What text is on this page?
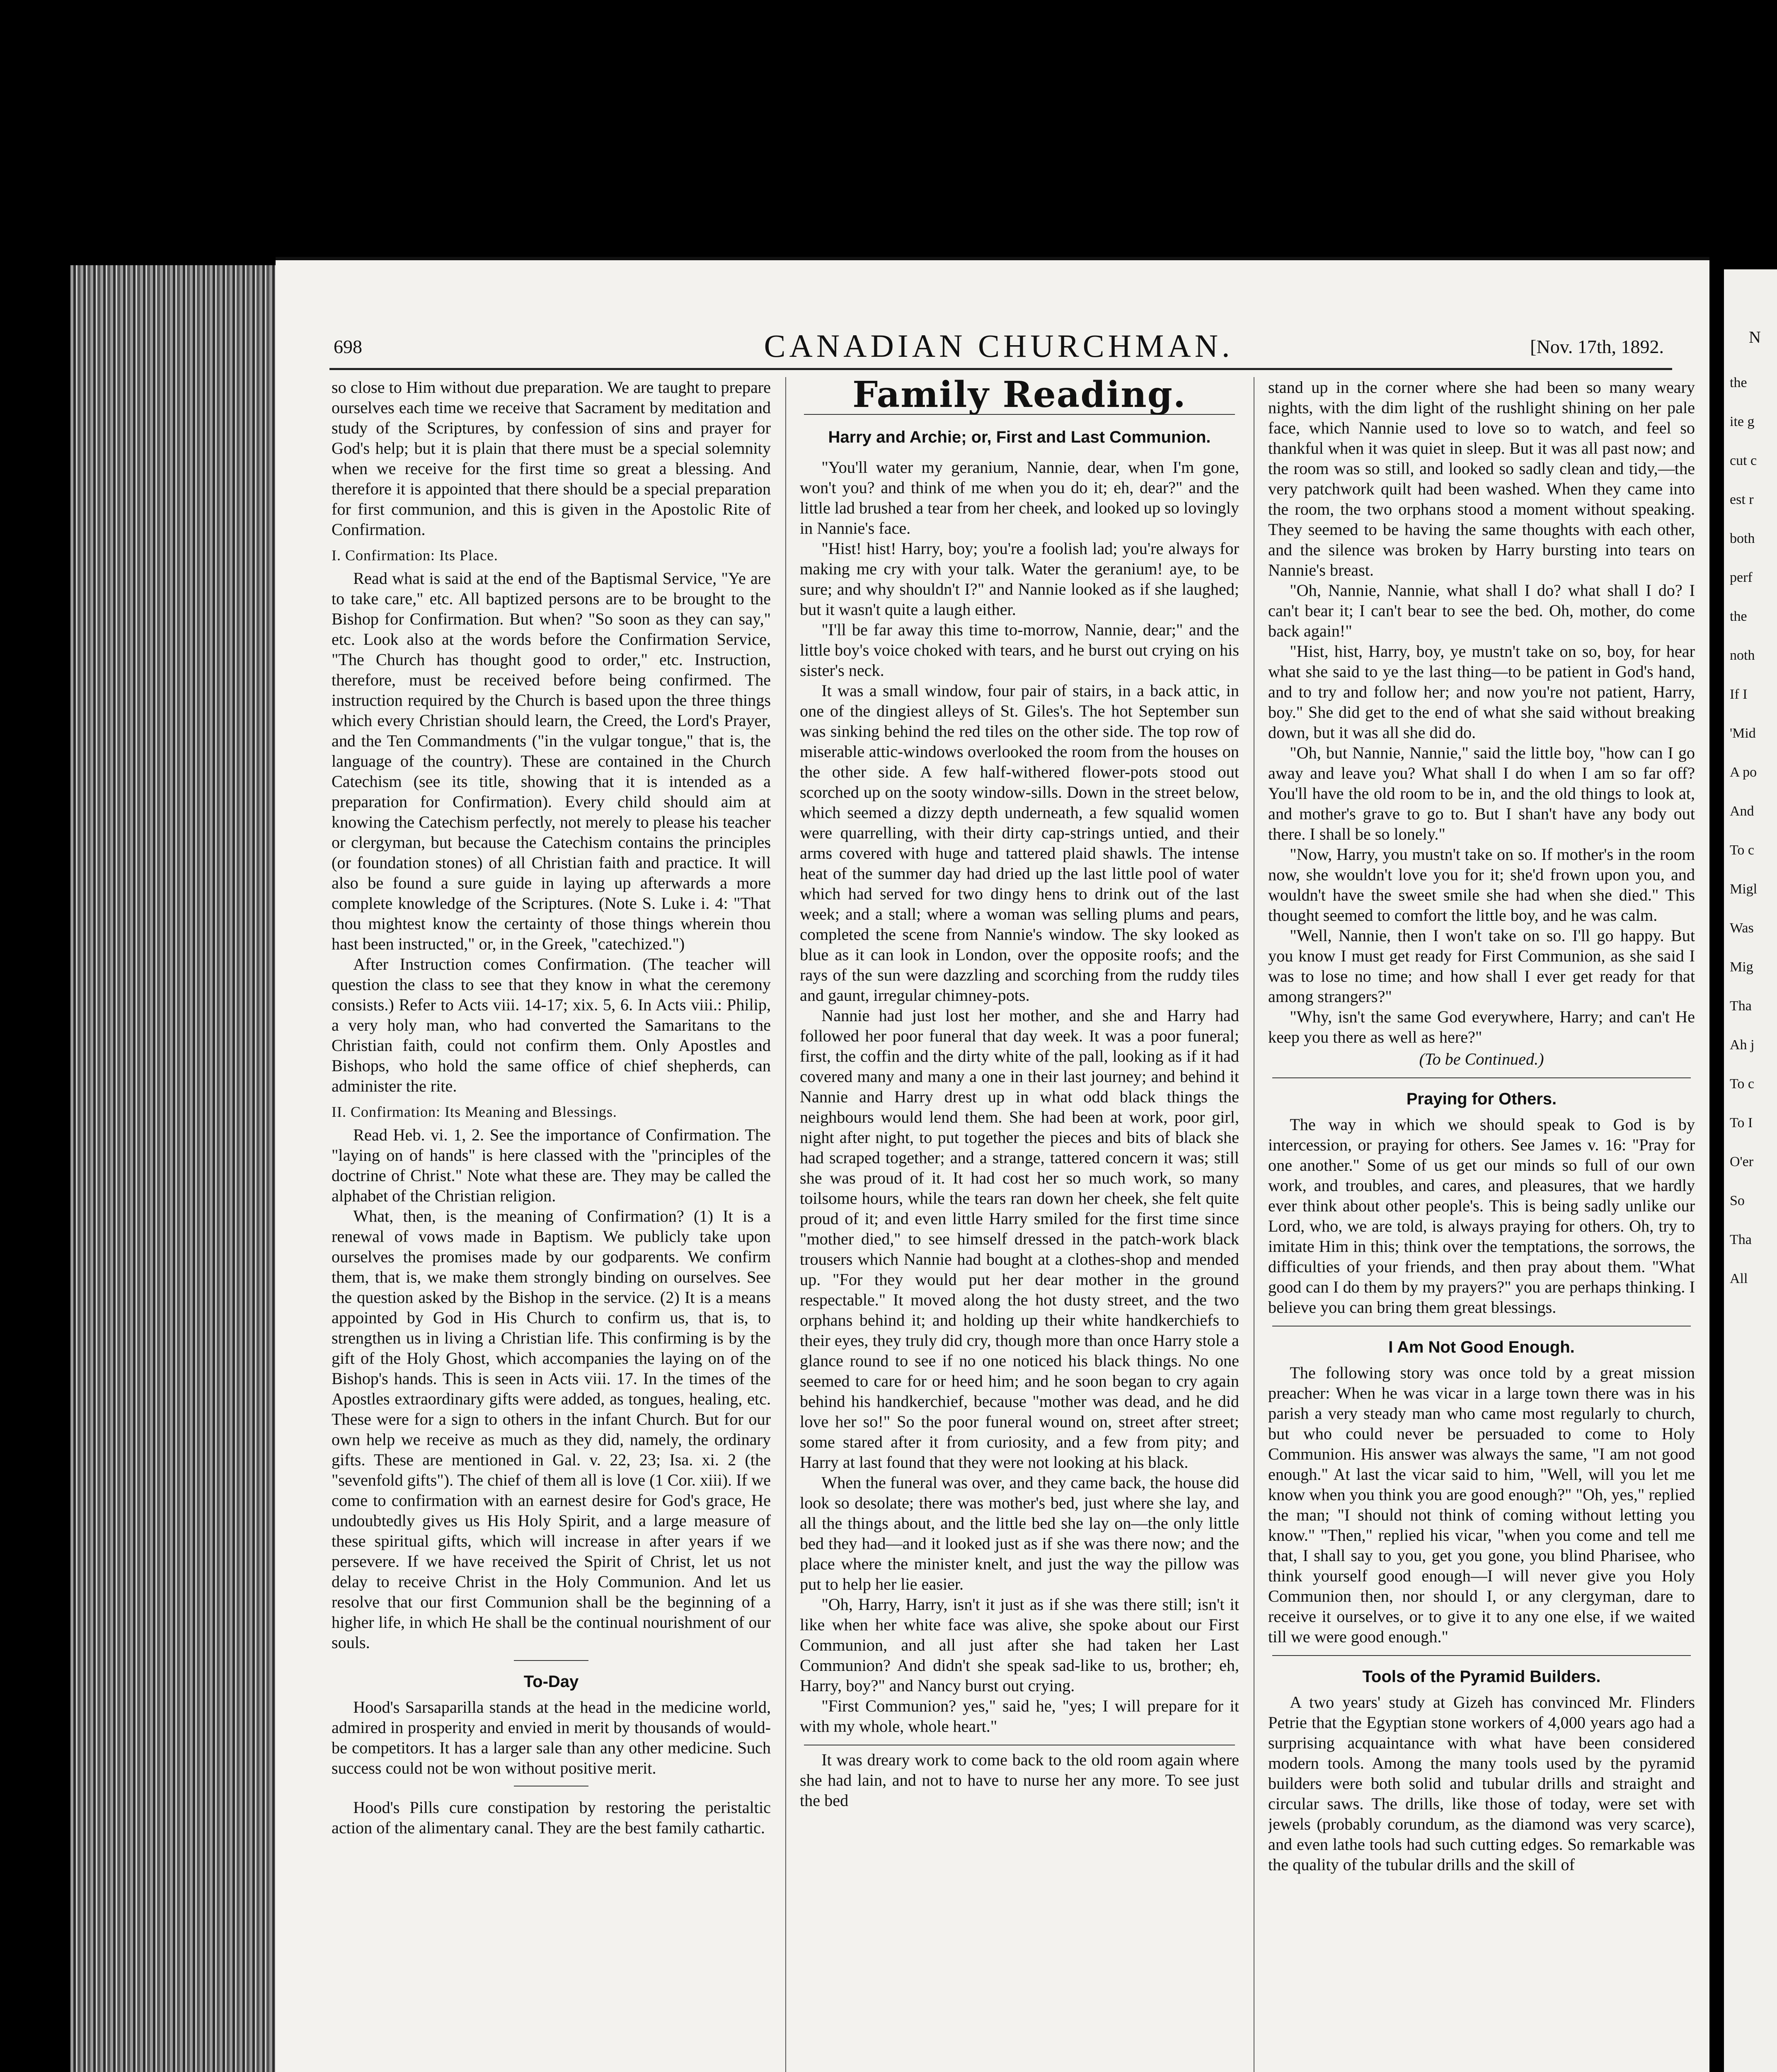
698	CANADIAN CHURCHMAN.	[Nov. 17th, 1892.

so close to Him without due preparation. We are taught to prepare ourselves each time we receive that Sacrament by meditation and study of the Scriptures, by confession of sins and prayer for God's help; but it is plain that there must be a special solemnity when we receive for the first time so great a blessing. And therefore it is appointed that there should be a special preparation for first communion, and this is given in the Apostolic Rite of Confirmation.

I. Confirmation: Its Place.

Read what is said at the end of the Baptismal Service, "Ye are to take care," etc. All baptized persons are to be brought to the Bishop for Confirmation. But when? "So soon as they can say," etc. Look also at the words before the Confirmation Service, "The Church has thought good to order," etc. Instruction, therefore, must be received before being confirmed. The instruction required by the Church is based upon the three things which every Christian should learn, the Creed, the Lord's Prayer, and the Ten Commandments ("in the vulgar tongue," that is, the language of the country). These are contained in the Church Catechism (see its title, showing that it is intended as a preparation for Confirmation). Every child should aim at knowing the Catechism perfectly, not merely to please his teacher or clergyman, but because the Catechism contains the principles (or foundation stones) of all Christian faith and practice. It will also be found a sure guide in laying up afterwards a more complete knowledge of the Scriptures. (Note S. Luke i. 4: "That thou mightest know the certainty of those things wherein thou hast been instructed," or, in the Greek, "catechized.")

After Instruction comes Confirmation. (The teacher will question the class to see that they know in what the ceremony consists.) Refer to Acts viii. 14-17; xix. 5, 6. In Acts viii.: Philip, a very holy man, who had converted the Samaritans to the Christian faith, could not confirm them. Only Apostles and Bishops, who hold the same office of chief shepherds, can administer the rite.

II. Confirmation: Its Meaning and Blessings.

Read Heb. vi. 1, 2. See the importance of Confirmation. The "laying on of hands" is here classed with the "principles of the doctrine of Christ." Note what these are. They may be called the alphabet of the Christian religion.

What, then, is the meaning of Confirmation? (1) It is a renewal of vows made in Baptism. We publicly take upon ourselves the promises made by our godparents. We confirm them, that is, we make them strongly binding on ourselves. See the question asked by the Bishop in the service. (2) It is a means appointed by God in His Church to confirm us, that is, to strengthen us in living a Christian life. This confirming is by the gift of the Holy Ghost, which accompanies the laying on of the Bishop's hands. This is seen in Acts viii. 17. In the times of the Apostles extraordinary gifts were added, as tongues, healing, etc. These were for a sign to others in the infant Church. But for our own help we receive as much as they did, namely, the ordinary gifts. These are mentioned in Gal. v. 22, 23; Isa. xi. 2 (the "sevenfold gifts"). The chief of them all is love (1 Cor. xiii). If we come to confirmation with an earnest desire for God's grace, He undoubtedly gives us His Holy Spirit, and a large measure of these spiritual gifts, which will increase in after years if we persevere. If we have received the Spirit of Christ, let us not delay to receive Christ in the Holy Communion. And let us resolve that our first Communion shall be the beginning of a higher life, in which He shall be the continual nourishment of our souls.

To-Day

Hood's Sarsaparilla stands at the head in the medicine world, admired in prosperity and envied in merit by thousands of would-be competitors. It has a larger sale than any other medicine. Such success could not be won without positive merit.

Hood's Pills cure constipation by restoring the peristaltic action of the alimentary canal. They are the best family cathartic.

Family Reading.
Harry and Archie; or, First and Last Communion.

"You'll water my geranium, Nannie, dear, when I'm gone, won't you? and think of me when you do it; eh, dear?" and the little lad brushed a tear from her cheek, and looked up so lovingly in Nannie's face.

"Hist! hist! Harry, boy; you're a foolish lad; you're always for making me cry with your talk. Water the geranium! aye, to be sure; and why shouldn't I?" and Nannie looked as if she laughed; but it wasn't quite a laugh either.

"I'll be far away this time to-morrow, Nannie, dear;" and the little boy's voice choked with tears, and he burst out crying on his sister's neck.

It was a small window, four pair of stairs, in a back attic, in one of the dingiest alleys of St. Giles's. The hot September sun was sinking behind the red tiles on the other side. The top row of miserable attic-windows overlooked the room from the houses on the other side. A few half-withered flower-pots stood out scorched up on the sooty window-sills. Down in the street below, which seemed a dizzy depth underneath, a few squalid women were quarrelling, with their dirty cap-strings untied, and their arms covered with huge and tattered plaid shawls. The intense heat of the summer day had dried up the last little pool of water which had served for two dingy hens to drink out of the last week; and a stall; where a woman was selling plums and pears, completed the scene from Nannie's window. The sky looked as blue as it can look in London, over the opposite roofs; and the rays of the sun were dazzling and scorching from the ruddy tiles and gaunt, irregular chimney-pots.

Nannie had just lost her mother, and she and Harry had followed her poor funeral that day week. It was a poor funeral; first, the coffin and the dirty white of the pall, looking as if it had covered many and many a one in their last journey; and behind it Nannie and Harry drest up in what odd black things the neighbours would lend them. She had been at work, poor girl, night after night, to put together the pieces and bits of black she had scraped together; and a strange, tattered concern it was; still she was proud of it. It had cost her so much work, so many toilsome hours, while the tears ran down her cheek, she felt quite proud of it; and even little Harry smiled for the first time since "mother died," to see himself dressed in the patch-work black trousers which Nannie had bought at a clothes-shop and mended up. "For they would put her dear mother in the ground respectable." It moved along the hot dusty street, and the two orphans behind it; and holding up their white handkerchiefs to their eyes, they truly did cry, though more than once Harry stole a glance round to see if no one noticed his black things. No one seemed to care for or heed him; and he soon began to cry again behind his handkerchief, because "mother was dead, and he did love her so!" So the poor funeral wound on, street after street; some stared after it from curiosity, and a few from pity; and Harry at last found that they were not looking at his black.

When the funeral was over, and they came back, the house did look so desolate; there was mother's bed, just where she lay, and all the things about, and the little bed she lay on—the only little bed they had—and it looked just as if she was there now; and the place where the minister knelt, and just the way the pillow was put to help her lie easier.

"Oh, Harry, Harry, isn't it just as if she was there still; isn't it like when her white face was alive, she spoke about our First Communion, and all just after she had taken her Last Communion? And didn't she speak sad-like to us, brother; eh, Harry, boy?" and Nancy burst out crying.

"First Communion? yes," said he, "yes; I will prepare for it with my whole, whole heart."

It was dreary work to come back to the old room again where she had lain, and not to have to nurse her any more. To see just the bed

stand up in the corner where she had been so many weary nights, with the dim light of the rushlight shining on her pale face, which Nannie used to love so to watch, and feel so thankful when it was quiet in sleep. But it was all past now; and the room was so still, and looked so sadly clean and tidy,—the very patchwork quilt had been washed. When they came into the room, the two orphans stood a moment without speaking. They seemed to be having the same thoughts with each other, and the silence was broken by Harry bursting into tears on Nannie's breast.

"Oh, Nannie, Nannie, what shall I do? what shall I do? I can't bear it; I can't bear to see the bed. Oh, mother, do come back again!"

"Hist, hist, Harry, boy, ye mustn't take on so, boy, for hear what she said to ye the last thing—to be patient in God's hand, and to try and follow her; and now you're not patient, Harry, boy." She did get to the end of what she said without breaking down, but it was all she did do.

"Oh, but Nannie, Nannie," said the little boy, "how can I go away and leave you? What shall I do when I am so far off? You'll have the old room to be in, and the old things to look at, and mother's grave to go to. But I shan't have any body out there. I shall be so lonely."

"Now, Harry, you mustn't take on so. If mother's in the room now, she wouldn't love you for it; she'd frown upon you, and wouldn't have the sweet smile she had when she died." This thought seemed to comfort the little boy, and he was calm.

"Well, Nannie, then I won't take on so. I'll go happy. But you know I must get ready for First Communion, as she said I was to lose no time; and how shall I ever get ready for that among strangers?"

"Why, isn't the same God everywhere, Harry; and can't He keep you there as well as here?"

(To be Continued.)

Praying for Others.

The way in which we should speak to God is by intercession, or praying for others. See James v. 16: "Pray for one another." Some of us get our minds so full of our own work, and troubles, and cares, and pleasures, that we hardly ever think about other people's. This is being sadly unlike our Lord, who, we are told, is always praying for others. Oh, try to imitate Him in this; think over the temptations, the sorrows, the difficulties of your friends, and then pray about them. "What good can I do them by my prayers?" you are perhaps thinking. I believe you can bring them great blessings.

I Am Not Good Enough.

The following story was once told by a great mission preacher: When he was vicar in a large town there was in his parish a very steady man who came most regularly to church, but who could never be persuaded to come to Holy Communion. His answer was always the same, "I am not good enough." At last the vicar said to him, "Well, will you let me know when you think you are good enough?" "Oh, yes," replied the man; "I should not think of coming without letting you know." "Then," replied his vicar, "when you come and tell me that, I shall say to you, get you gone, you blind Pharisee, who think yourself good enough—I will never give you Holy Communion then, nor should I, or any clergyman, dare to receive it ourselves, or to give it to any one else, if we waited till we were good enough."

Tools of the Pyramid Builders.

A two years' study at Gizeh has convinced Mr. Flinders Petrie that the Egyptian stone workers of 4,000 years ago had a surprising acquaintance with what have been considered modern tools. Among the many tools used by the pyramid builders were both solid and tubular drills and straight and circular saws. The drills, like those of today, were set with jewels (probably corundum, as the diamond was very scarce), and even lathe tools had such cutting edges. So remarkable was the quality of the tubular drills and the skill of

N
the
ite g
cut c
est r
both
perf
the
noth
If I
'Mid
A po
And
To c
Migl
Was
Mig
Tha
Ah j
To c
To I
O'er
So
Tha
All
